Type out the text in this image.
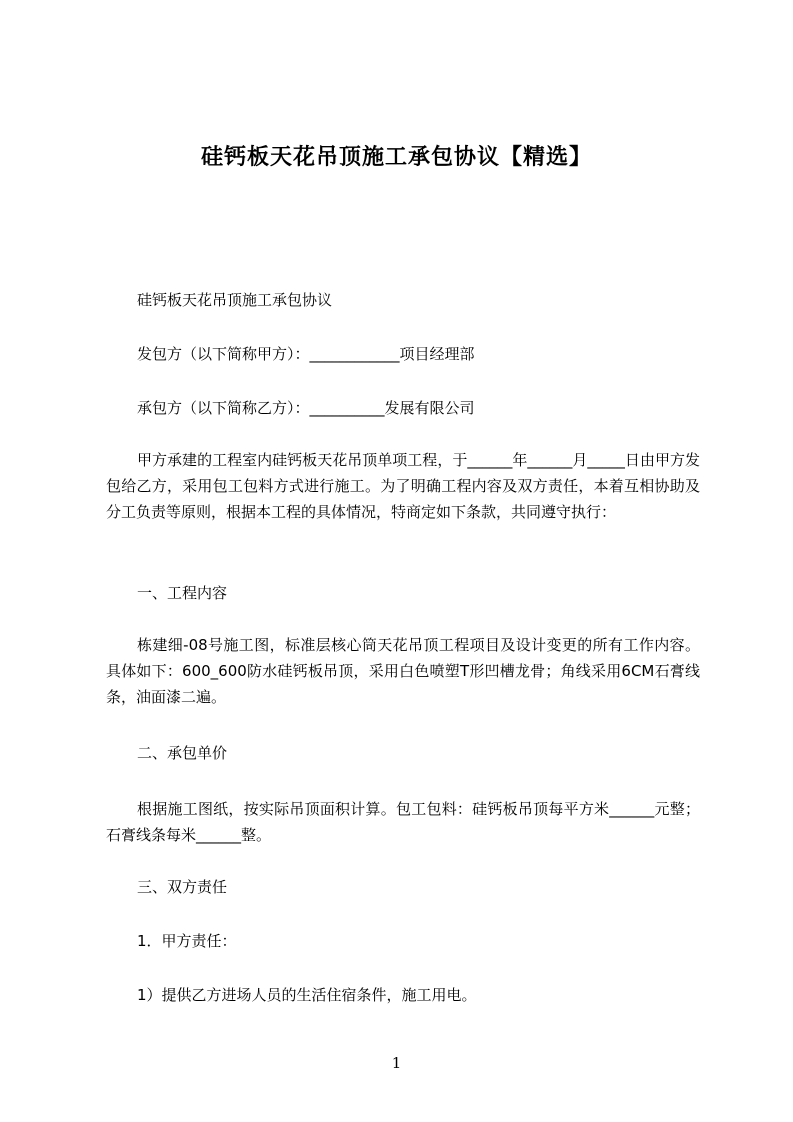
硅钙板天花吊顶施工承包协议【精选】
硅钙板天花吊顶施工承包协议
发包方（以下简称甲方）：____________项目经理部
承包方（以下简称乙方）：__________发展有限公司
甲方承建的工程室内硅钙板天花吊顶单项工程，于______年______月_____日由甲方发包给乙方，采用包工包料方式进行施工。为了明确工程内容及双方责任，本着互相协助及分工负责等原则，根据本工程的具体情况，特商定如下条款，共同遵守执行：
一、工程内容
栋建细-08号施工图，标准层核心筒天花吊顶工程项目及设计变更的所有工作内容。具体如下：600_600防水硅钙板吊顶，采用白色喷塑T形凹槽龙骨；角线采用6CM石膏线条，油面漆二遍。
二、承包单价
根据施工图纸，按实际吊顶面积计算。包工包料：硅钙板吊顶每平方米______元整；石膏线条每米______整。
三、双方责任
1．甲方责任：
1）提供乙方进场人员的生活住宿条件，施工用电。
1
